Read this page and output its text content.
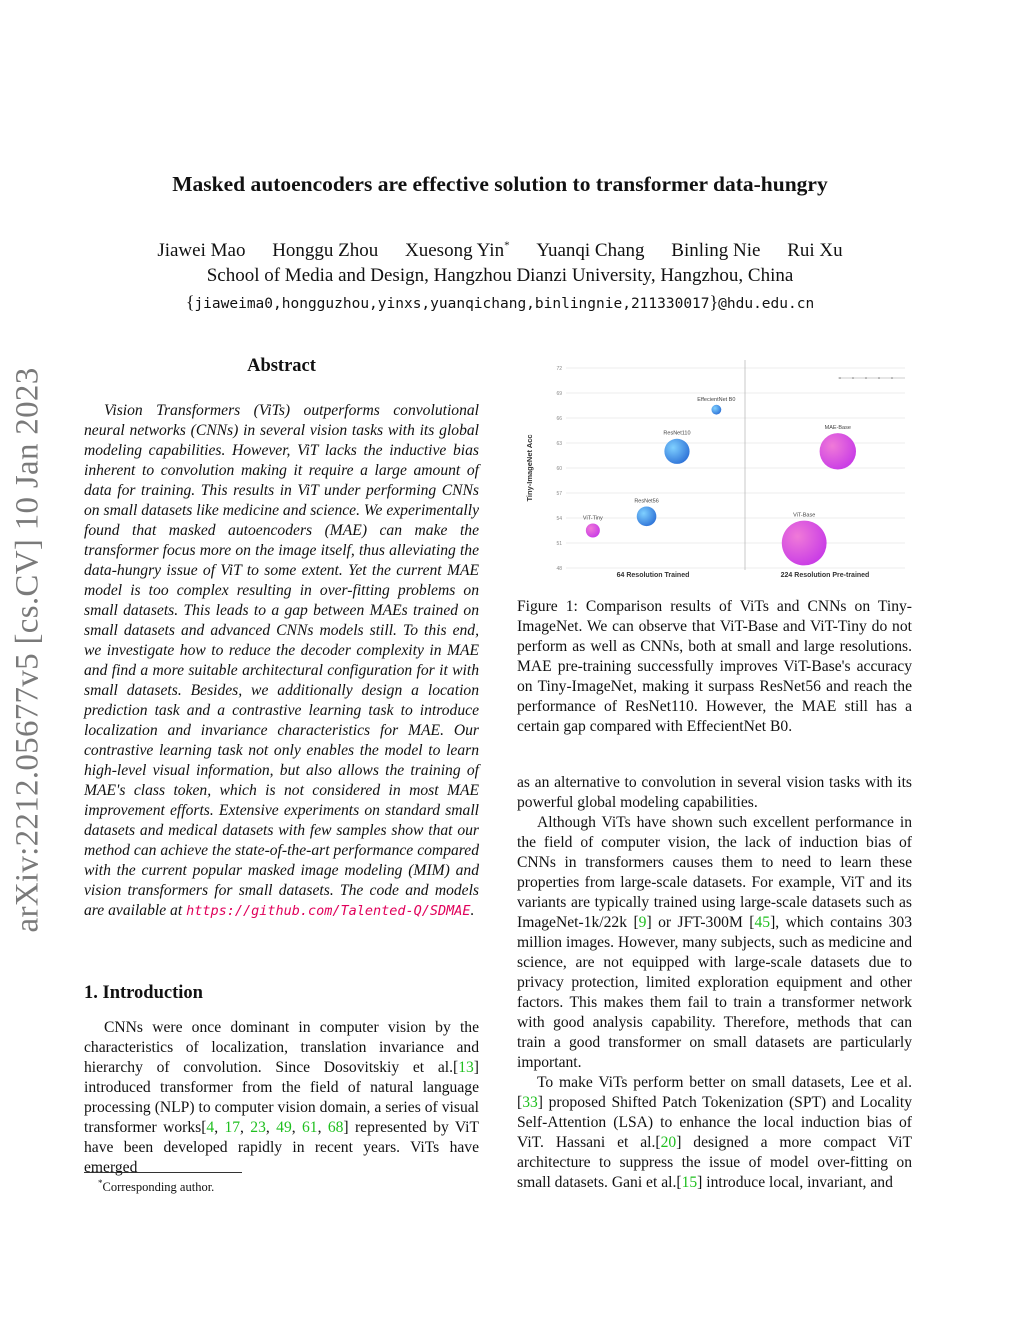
arXiv:2212.05677v5 [cs.CV] 10 Jan 2023
Masked autoencoders are effective solution to transformer data-hungry
Jiawei Mao Honggu Zhou Xuesong Yin* Yuanqi Chang Binling Nie Rui Xu
School of Media and Design, Hangzhou Dianzi University, Hangzhou, China
{jiaweima0,hongguzhou,yinxs,yuanqichang,binlingnie,211330017}@hdu.edu.cn
Abstract

Vision Transformers (ViTs) outperforms convolutional neural networks (CNNs) in several vision tasks with its global modeling capabilities. However, ViT lacks the inductive bias inherent to convolution making it require a large amount of data for training. This results in ViT under performing CNNs on small datasets like medicine and science. We experimentally found that masked autoencoders (MAE) can make the transformer focus more on the image itself, thus alleviating the data-hungry issue of ViT to some extent. Yet the current MAE model is too complex resulting in over-fitting problems on small datasets. This leads to a gap between MAEs trained on small datasets and advanced CNNs models still. To this end, we investigate how to reduce the decoder complexity in MAE and find a more suitable architectural configuration for it with small datasets. Besides, we additionally design a location prediction task and a contrastive learning task to introduce localization and invariance characteristics for MAE. Our contrastive learning task not only enables the model to learn high-level visual information, but also allows the training of MAE's class token, which is not considered in most MAE improvement efforts. Extensive experiments on standard small datasets and medical datasets with few samples show that our method can achieve the state-of-the-art performance compared with the current popular masked image modeling (MIM) and vision transformers for small datasets. The code and models are available at https://github.com/Talented-Q/SDMAE.

1. Introduction

CNNs were once dominant in computer vision by the characteristics of localization, translation invariance and hierarchy of convolution. Since Dosovitskiy et al.[13] introduced transformer from the field of natural language processing (NLP) to computer vision domain, a series of visual transformer works[4, 17, 23, 49, 61, 68] represented by ViT have been developed rapidly in recent years. ViTs have emerged

*Corresponding author.
Tiny-ImageNet Acc
72
69
66
63
60
57
54
51
48
ViT-Tiny
ResNet56
ResNet110
EffecientNet B0
MAE-Base
ViT-Base
64 Resolution Trained	224 Resolution Pre-trained

Figure 1: Comparison results of ViTs and CNNs on Tiny-ImageNet. We can observe that ViT-Base and ViT-Tiny do not perform as well as CNNs, both at small and large resolutions. MAE pre-training successfully improves ViT-Base's accuracy on Tiny-ImageNet, making it surpass ResNet56 and reach the performance of ResNet110. However, the MAE still has a certain gap compared with EffecientNet B0.

as an alternative to convolution in several vision tasks with its powerful global modeling capabilities.

Although ViTs have shown such excellent performance in the field of computer vision, the lack of induction bias of CNNs in transformers causes them to need to learn these properties from large-scale datasets. For example, ViT and its variants are typically trained using large-scale datasets such as ImageNet-1k/22k [9] or JFT-300M [45], which contains 303 million images. However, many subjects, such as medicine and science, are not equipped with large-scale datasets due to privacy protection, limited exploration equipment and other factors. This makes them fail to train a transformer network with good analysis capability. Therefore, methods that can train a good transformer on small datasets are particularly important.

To make ViTs perform better on small datasets, Lee et al.[33] proposed Shifted Patch Tokenization (SPT) and Locality Self-Attention (LSA) to enhance the local induction bias of ViT. Hassani et al.[20] designed a more compact ViT architecture to suppress the issue of model over-fitting on small datasets. Gani et al.[15] introduce local, invariant, and
